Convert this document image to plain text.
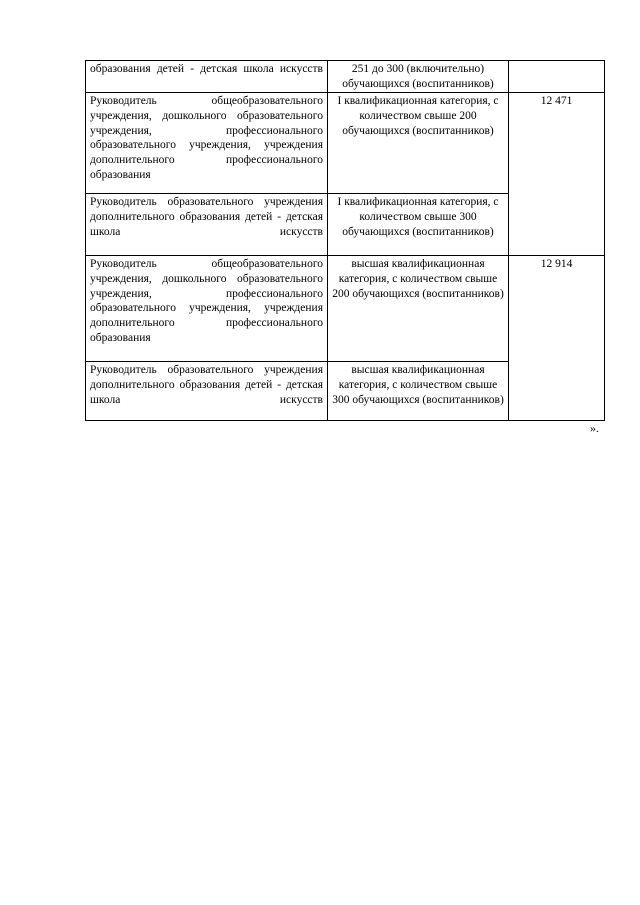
образования детей - детская школа искусств	251 до 300 (включительно) обучающихся (воспитанников)	

Руководитель общеобразовательного учреждения, дошкольного образовательного учреждения, профессионального образовательного учреждения, учреждения дополнительного профессионального образования	I квалификационная категория, с количеством свыше 200 обучающихся (воспитанников)	12 471

Руководитель образовательного учреждения дополнительного образования детей - детская школа искусств	I квалификационная категория, с количеством свыше 300 обучающихся (воспитанников)	

Руководитель общеобразовательного учреждения, дошкольного образовательного учреждения, профессионального образовательного учреждения, учреждения дополнительного профессионального образования	высшая квалификационная категория, с количеством свыше 200 обучающихся (воспитанников)	12 914

Руководитель образовательного учреждения дополнительного образования детей - детская школа искусств	высшая квалификационная категория, с количеством свыше 300 обучающихся (воспитанников)	
».
